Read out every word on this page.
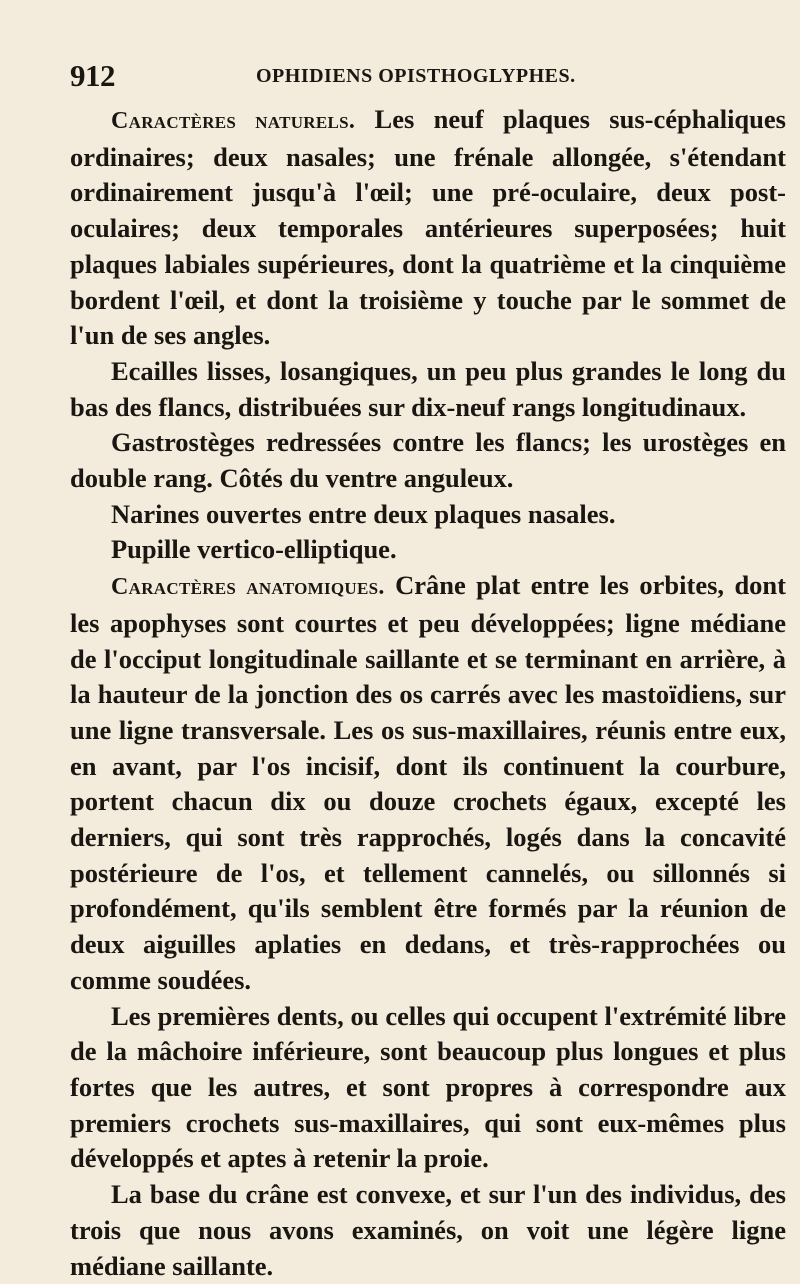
912	OPHIDIENS OPISTHOGLYPHES.

Caractères naturels. Les neuf plaques sus-céphaliques ordinaires; deux nasales; une frénale allongée, s'étendant ordinairement jusqu'à l'œil; une pré-oculaire, deux post-oculaires; deux temporales antérieures superposées; huit plaques labiales supérieures, dont la quatrième et la cinquième bordent l'œil, et dont la troisième y touche par le sommet de l'un de ses angles.

Ecailles lisses, losangiques, un peu plus grandes le long du bas des flancs, distribuées sur dix-neuf rangs longitudinaux.

Gastrostèges redressées contre les flancs; les urostèges en double rang. Côtés du ventre anguleux.

Narines ouvertes entre deux plaques nasales.

Pupille vertico-elliptique.

Caractères anatomiques. Crâne plat entre les orbites, dont les apophyses sont courtes et peu développées; ligne médiane de l'occiput longitudinale saillante et se terminant en arrière, à la hauteur de la jonction des os carrés avec les mastoïdiens, sur une ligne transversale. Les os sus-maxillaires, réunis entre eux, en avant, par l'os incisif, dont ils continuent la courbure, portent chacun dix ou douze crochets égaux, excepté les derniers, qui sont très rapprochés, logés dans la concavité postérieure de l'os, et tellement cannelés, ou sillonnés si profondément, qu'ils semblent être formés par la réunion de deux aiguilles aplaties en dedans, et très-rapprochées ou comme soudées.

Les premières dents, ou celles qui occupent l'extrémité libre de la mâchoire inférieure, sont beaucoup plus longues et plus fortes que les autres, et sont propres à correspondre aux premiers crochets sus-maxillaires, qui sont eux-mêmes plus développés et aptes à retenir la proie.

La base du crâne est convexe, et sur l'un des individus, des trois que nous avons examinés, on voit une légère ligne médiane saillante.
